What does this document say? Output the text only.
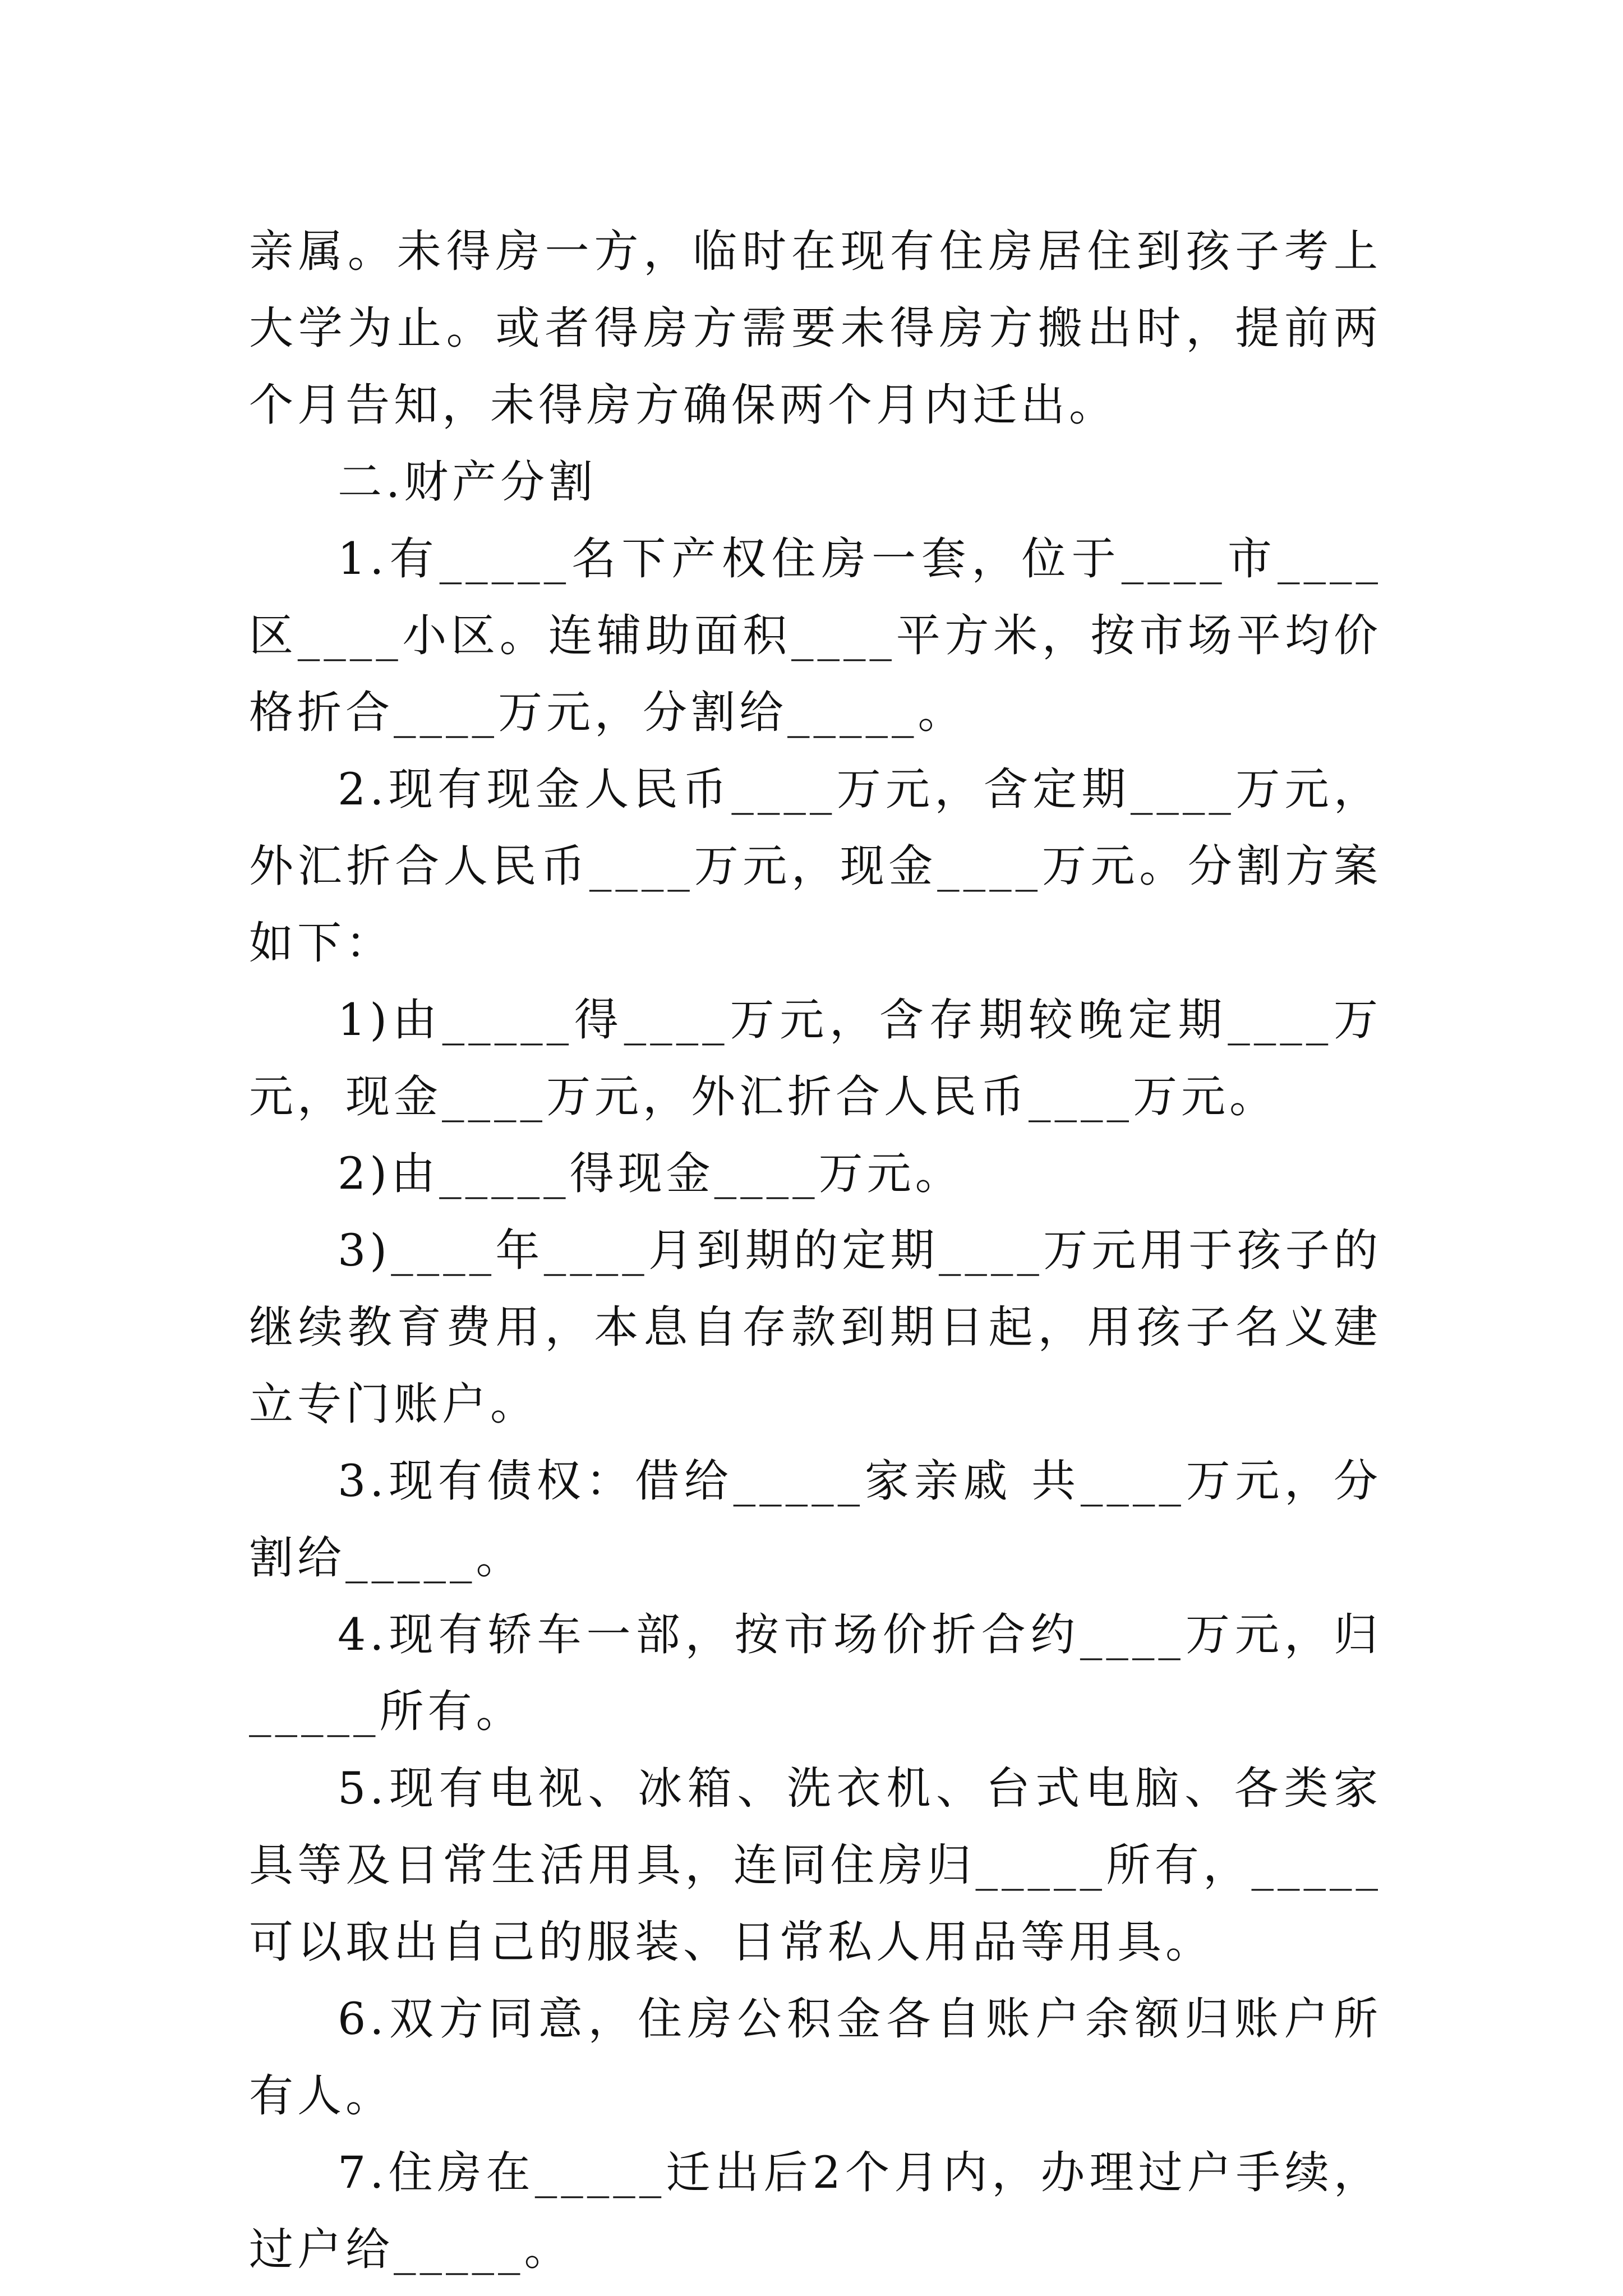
亲属。未得房一方，临时在现有住房居住到孩子考上大学为止。或者得房方需要未得房方搬出时，提前两个月告知，未得房方确保两个月内迁出。

二.财产分割

1.有_____名下产权住房一套，位于____市____区____小区。连辅助面积____平方米，按市场平均价格折合____万元，分割给_____。

2.现有现金人民币____万元，含定期____万元，外汇折合人民币____万元，现金____万元。分割方案如下：

1)由_____得____万元，含存期较晚定期____万元，现金____万元，外汇折合人民币____万元。

2)由_____得现金____万元。

3)____年____月到期的定期____万元用于孩子的继续教育费用，本息自存款到期日起，用孩子名义建立专门账户。

3.现有债权：借给_____家亲戚 共____万元，分割给_____。

4.现有轿车一部，按市场价折合约____万元，归_____所有。

5.现有电视、冰箱、洗衣机、台式电脑、各类家具等及日常生活用具，连同住房归_____所有，_____可以取出自己的服装、日常私人用品等用具。

6.双方同意，住房公积金各自账户余额归账户所有人。

7.住房在_____迁出后2个月内，办理过户手续，过户给_____。
